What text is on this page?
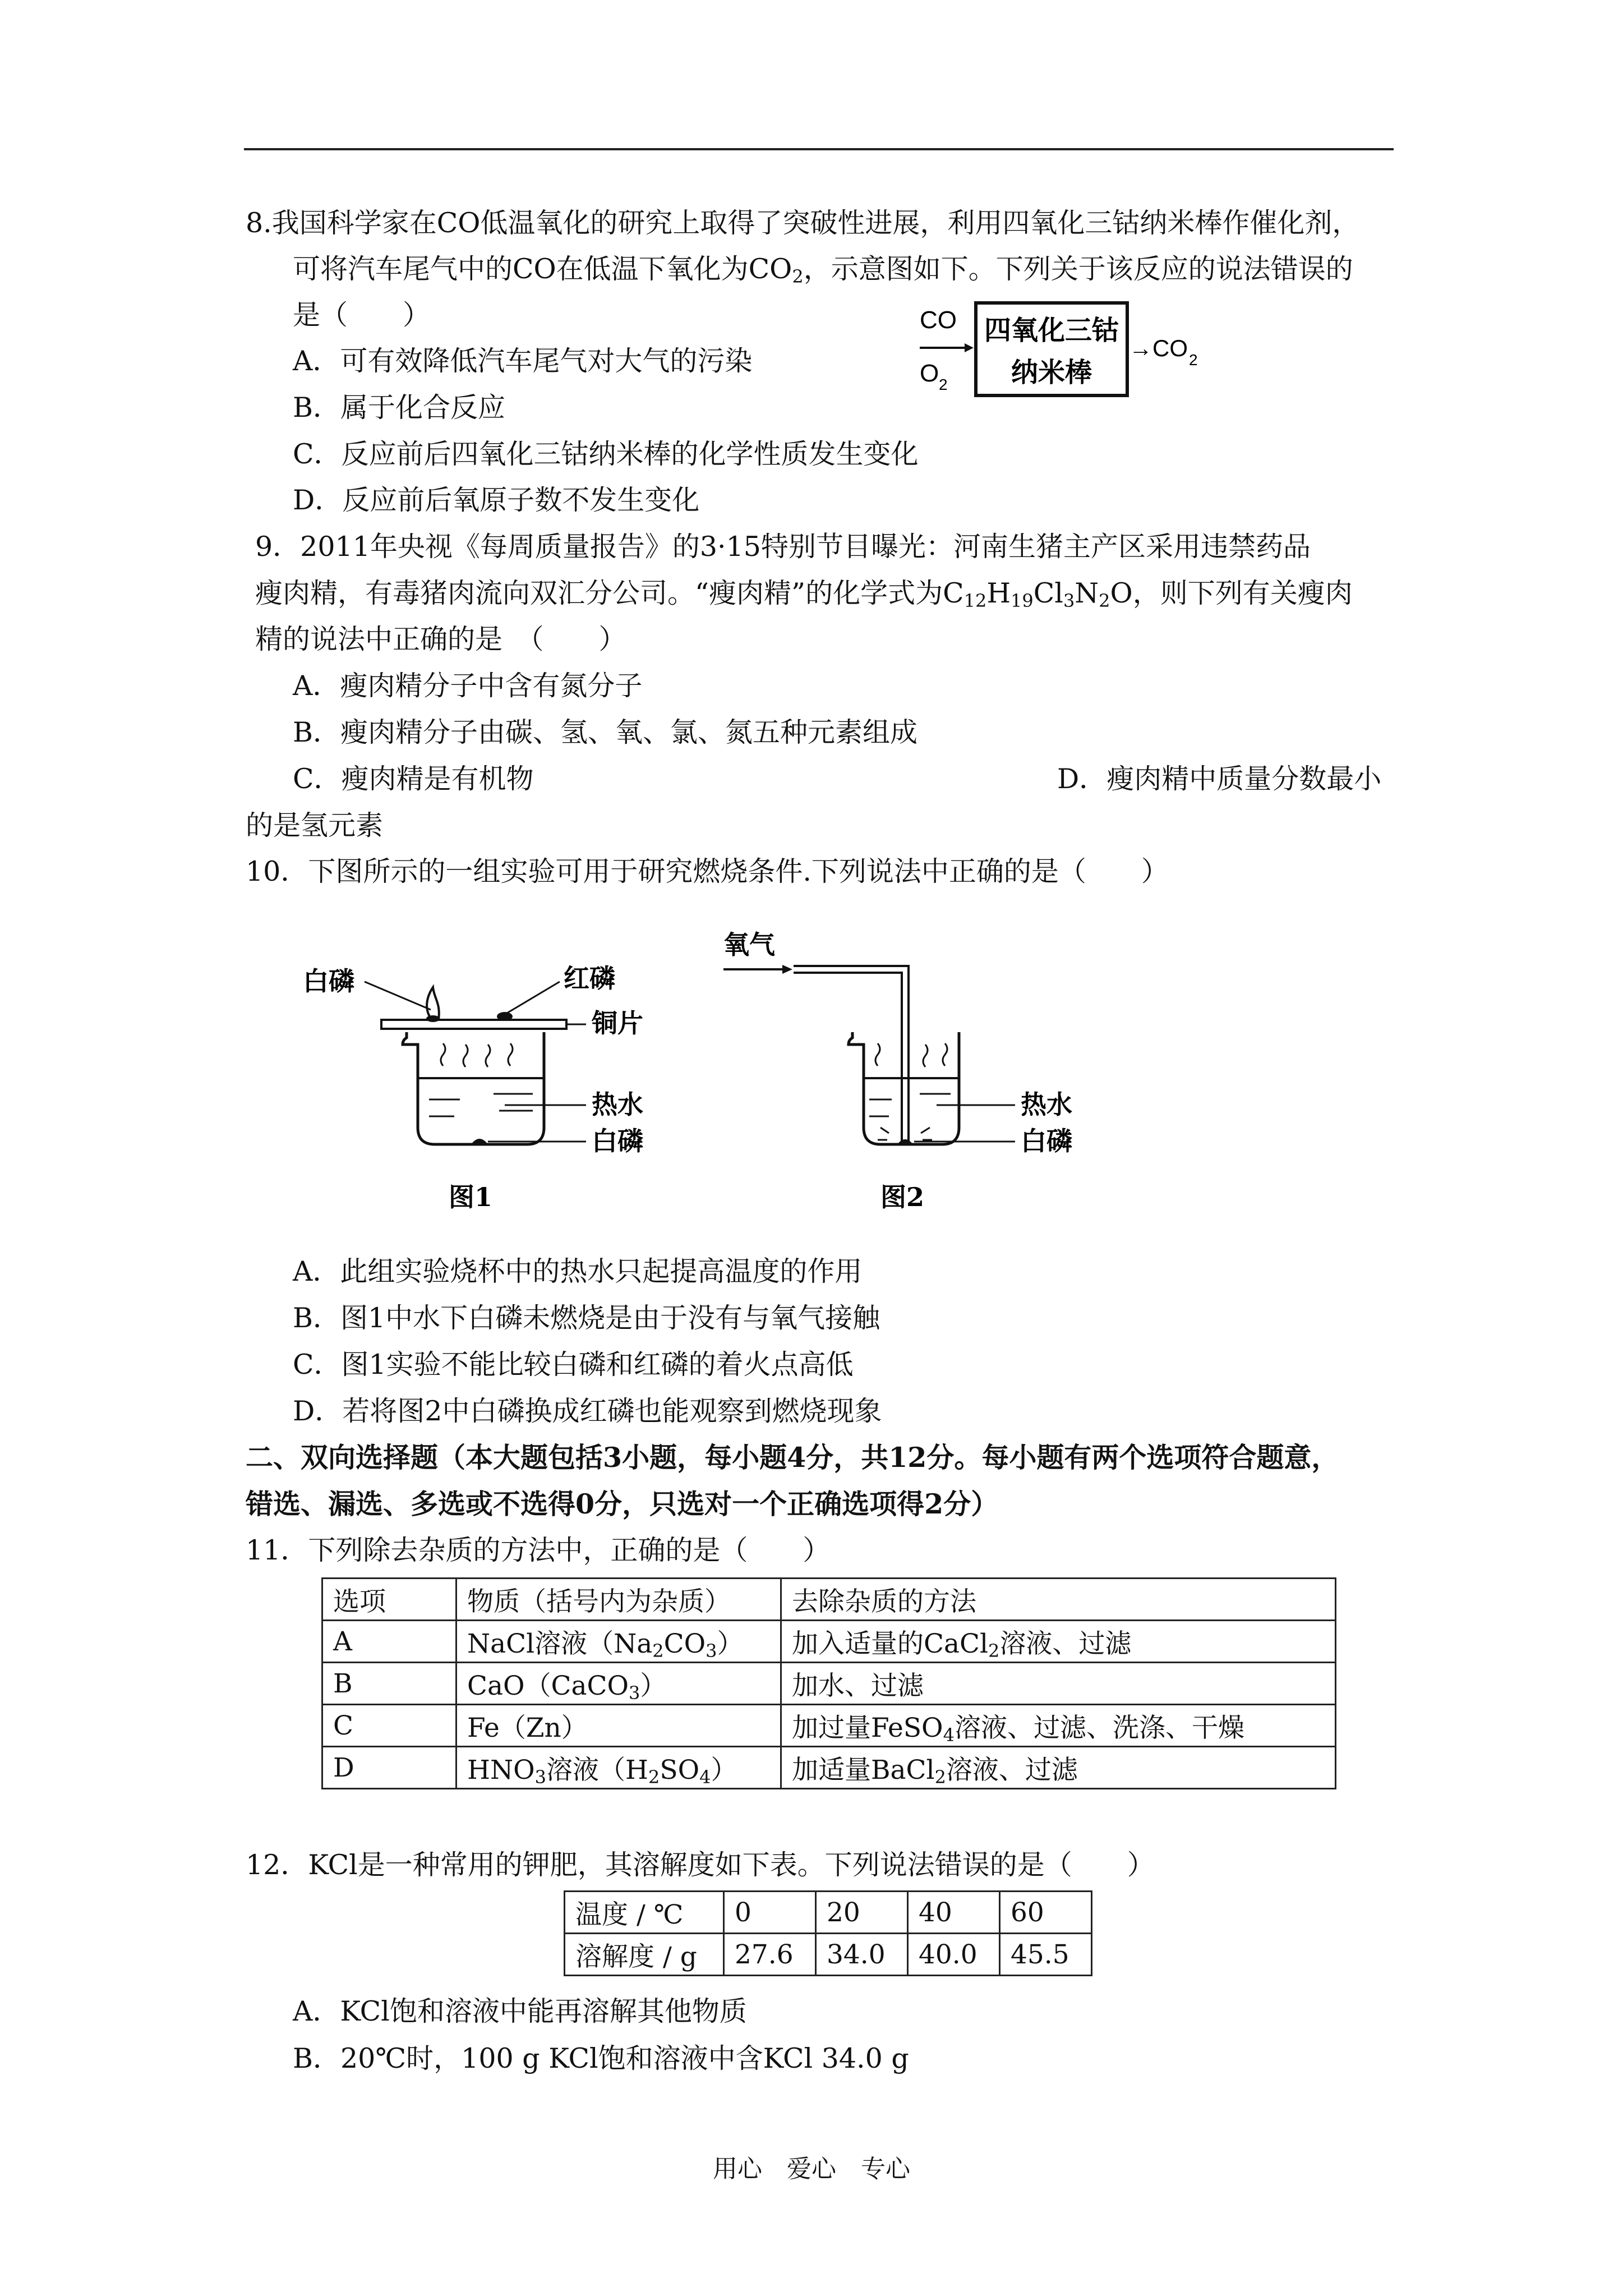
8.我国科学家在CO低温氧化的研究上取得了突破性进展，利用四氧化三钴纳米棒作催化剂，
可将汽车尾气中的CO在低温下氧化为$CO_2$，示意图如下。下列关于该反应的说法错误的
是（　　）	CO
O 2
四氧化三钴
纳米棒
→CO 2
A．可有效降低汽车尾气对大气的污染
B．属于化合反应
C．反应前后四氧化三钴纳米棒的化学性质发生变化
D．反应前后氧原子数不发生变化
9．2011年央视《每周质量报告》的3·15特别节目曝光：河南生猪主产区采用违禁药品
瘦肉精，有毒猪肉流向双汇分公司。“瘦肉精”的化学式为$C_{12}H_{19}Cl_3N_2O$，则下列有关瘦肉
精的说法中正确的是　（　　）
A．瘦肉精分子中含有氮分子
B．瘦肉精分子由碳、氢、氧、氯、氮五种元素组成
C．瘦肉精是有机物	D．瘦肉精中质量分数最小
的是氢元素
10．下图所示的一组实验可用于研究燃烧条件.下列说法中正确的是（　　）
白磷	红磷
铜片
热水
白磷
图1
氧气
热水
白磷
图2
A．此组实验烧杯中的热水只起提高温度的作用
B．图1中水下白磷未燃烧是由于没有与氧气接触
C．图1实验不能比较白磷和红磷的着火点高低
D．若将图2中白磷换成红磷也能观察到燃烧现象
二、双向选择题（本大题包括3小题，每小题4分，共12分。每小题有两个选项符合题意，
错选、漏选、多选或不选得0分，只选对一个正确选项得2分）
11．下列除去杂质的方法中，正确的是（　　）
选项	物质（括号内为杂质）	去除杂质的方法
A	NaCl溶液$(Na_2CO_3)$	加入适量的CaCl$_2$溶液、过滤
B	CaO（CaCO$_3$）	加水、过滤
C	Fe（Zn）	加过量FeSO$_4$溶液、过滤、洗涤、干燥
D	$HNO_3$溶液$(H_2SO_4)$	加适量BaCl$_2$溶液、过滤
12．KCl是一种常用的钾肥，其溶解度如下表。下列说法错误的是（　　）
温度 / ℃	0	20	40	60
溶解度 / g	27.6	34.0	40.0	45.5
A．KCl饱和溶液中能再溶解其他物质
B．20℃时，100 g KCl饱和溶液中含KCl 34.0 g
用心　爱心　专心
